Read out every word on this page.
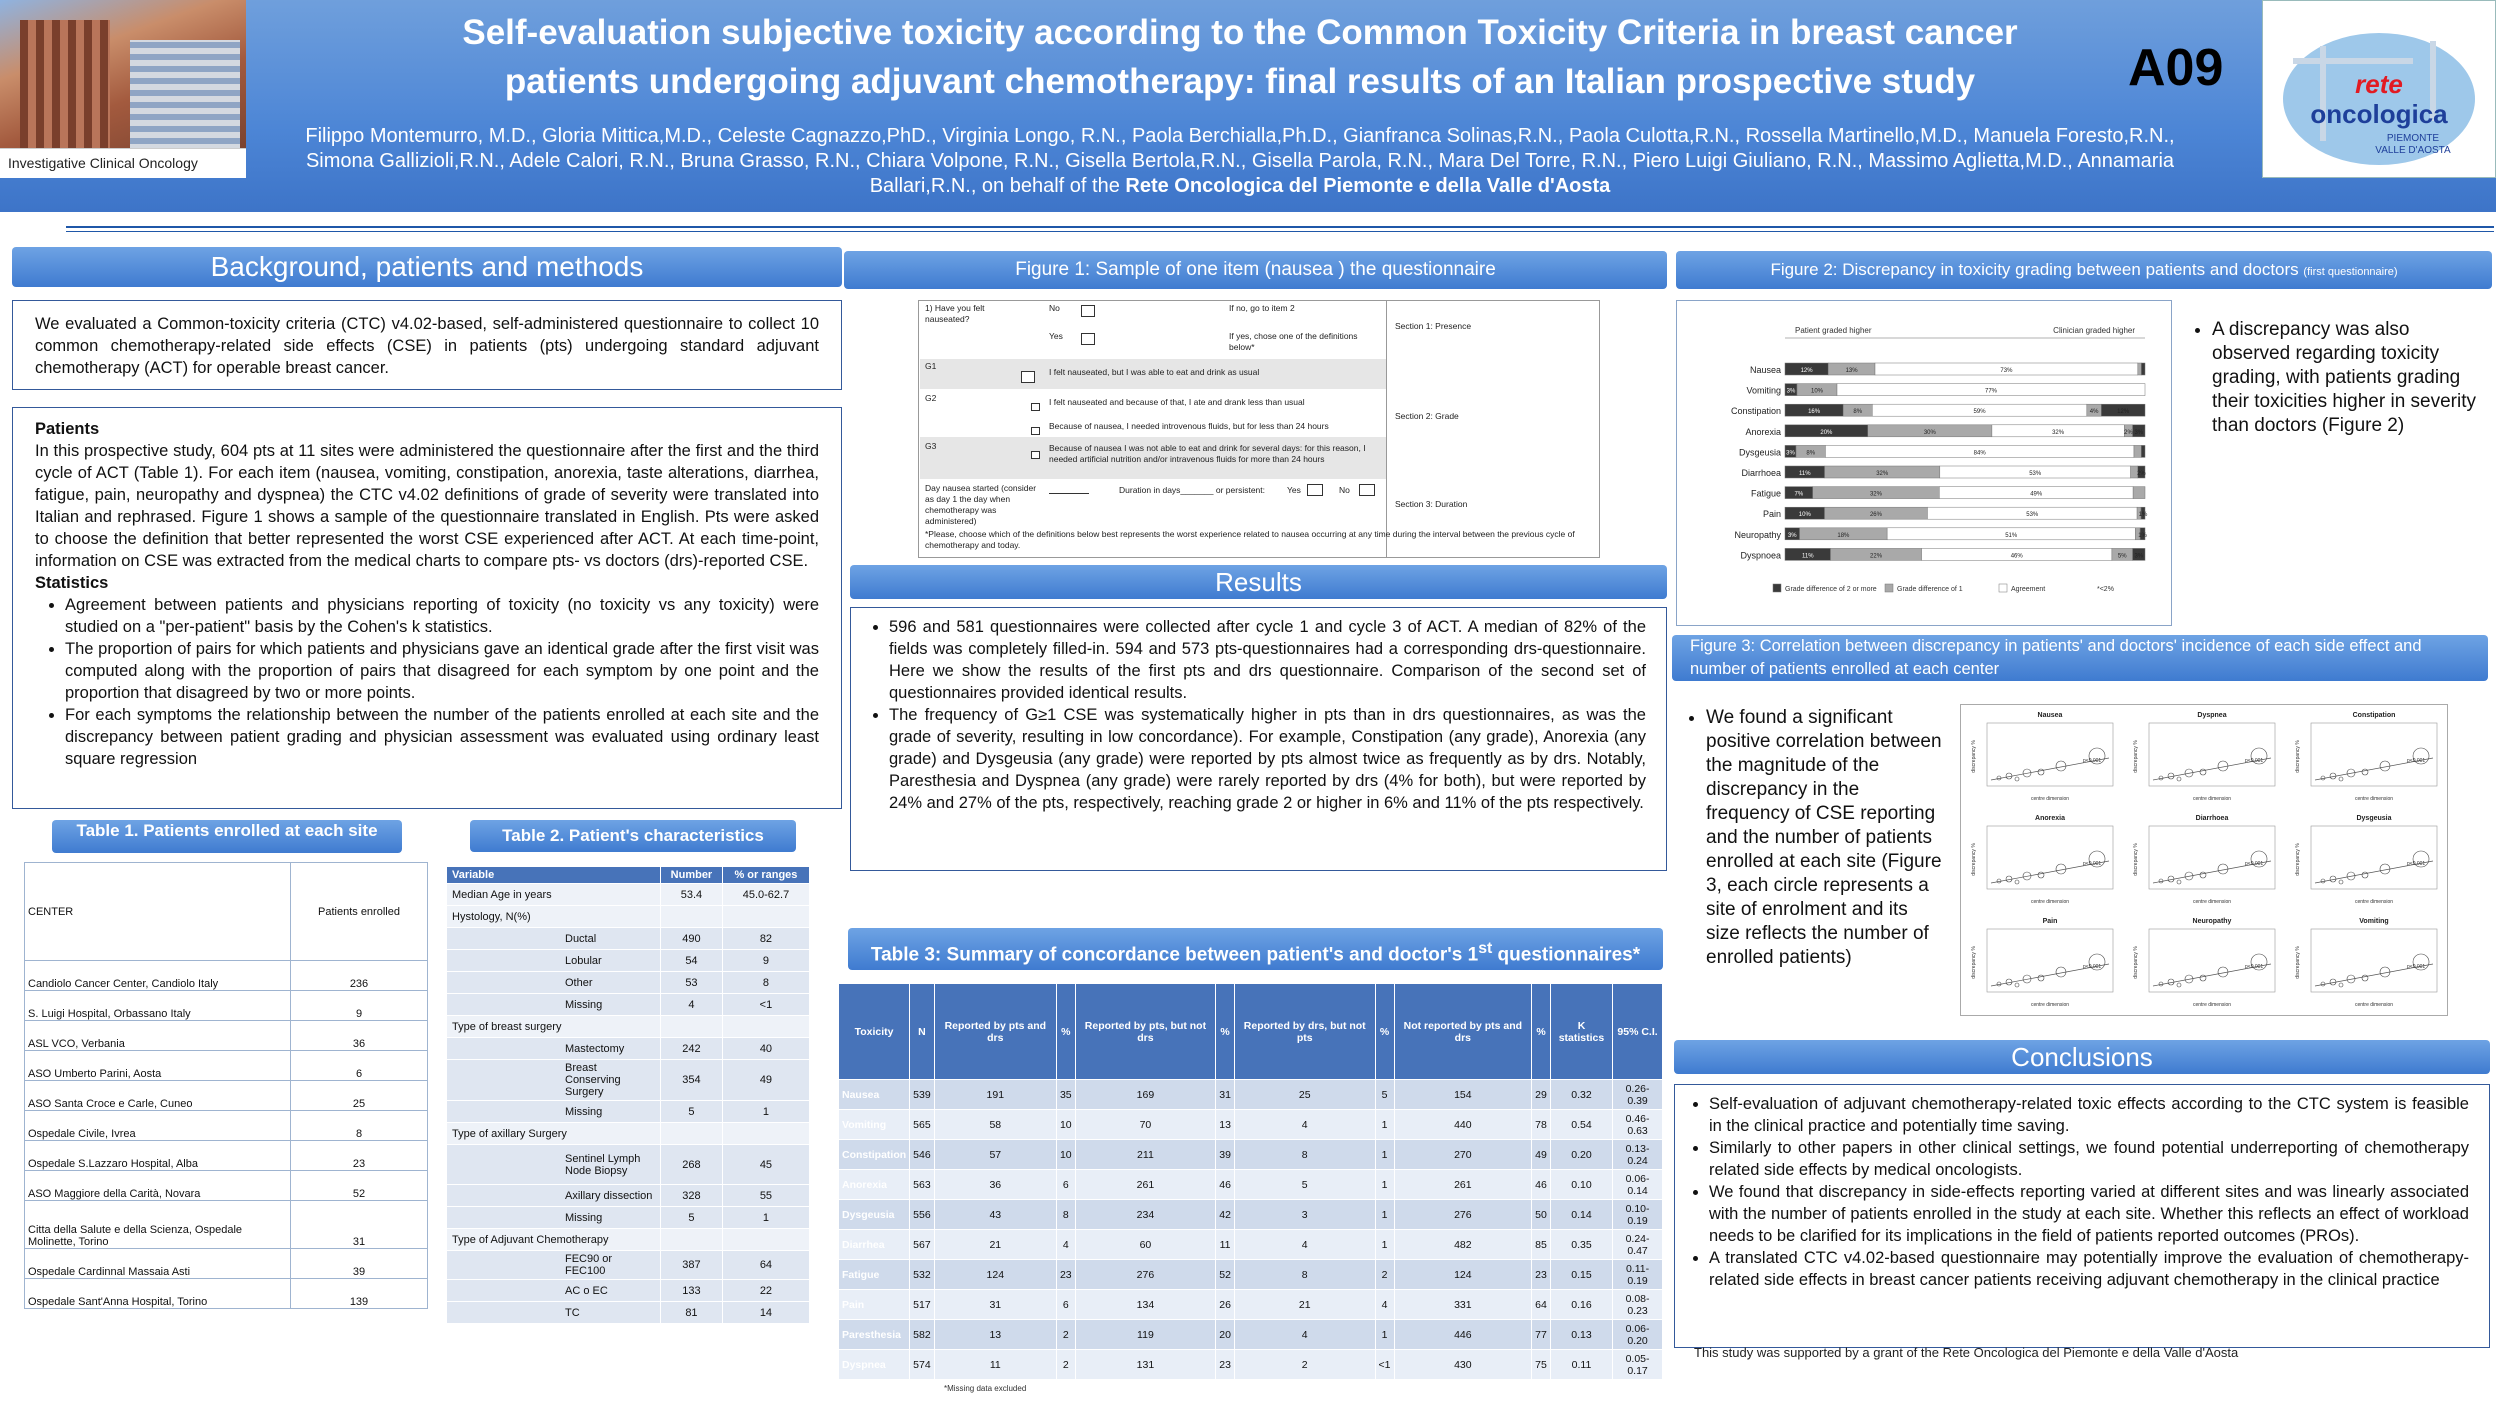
Investigative Clinical Oncology
Self-evaluation subjective toxicity according to the Common Toxicity Criteria in breast cancer
patients undergoing adjuvant chemotherapy: final results of an Italian prospective study
Filippo Montemurro, M.D., Gloria Mittica,M.D., Celeste Cagnazzo,PhD., Virginia Longo, R.N., Paola Berchialla,Ph.D., Gianfranca Solinas,R.N., Paola Culotta,R.N., Rossella Martinello,M.D., Manuela Foresto,R.N., Simona Gallizioli,R.N., Adele Calori, R.N., Bruna Grasso, R.N., Chiara Volpone, R.N., Gisella Bertola,R.N., Gisella Parola, R.N., Mara Del Torre, R.N., Piero Luigi Giuliano, R.N., Massimo Aglietta,M.D., Annamaria Ballari,R.N., on behalf of the Rete Oncologica del Piemonte e della Valle d'Aosta
A09	rete
oncologica
PIEMONTE
VALLE D'AOSTA
Background, patients and methods
We evaluated a Common-toxicity criteria (CTC) v4.02-based, self-administered questionnaire to collect 10 common chemotherapy-related side effects (CSE) in patients (pts) undergoing standard adjuvant chemotherapy (ACT) for operable breast cancer.
Patients
In this prospective study, 604 pts at 11 sites were administered the questionnaire after the first and the third cycle of ACT (Table 1). For each item (nausea, vomiting, constipation, anorexia, taste alterations, diarrhea, fatigue, pain, neuropathy and dyspnea) the CTC v4.02 definitions of grade of severity were translated into Italian and rephrased. Figure 1 shows a sample of the questionnaire translated in English. Pts were asked to choose the definition that better represented the worst CSE experienced after ACT. At each time-point, information on CSE was extracted from the medical charts to compare pts- vs doctors (drs)-reported CSE.
Statistics
• Agreement between patients and physicians reporting of toxicity (no toxicity vs any toxicity) were studied on a "per-patient" basis by the Cohen's k statistics.
• The proportion of pairs for which patients and physicians gave an identical grade after the first visit was computed along with the proportion of pairs that disagreed for each symptom by one point and the proportion that disagreed by two or more points.
• For each symptoms the relationship between the number of the patients enrolled at each site and the discrepancy between patient grading and physician assessment was evaluated using ordinary least square regression
Table 1. Patients enrolled at each site
CENTER	Patients enrolled
Candiolo Cancer Center, Candiolo Italy	236
S. Luigi Hospital, Orbassano Italy	9
ASL VCO, Verbania	36
ASO Umberto Parini, Aosta	6
ASO Santa Croce e Carle, Cuneo	25
Ospedale Civile, Ivrea	8
Ospedale S.Lazzaro Hospital, Alba	23
ASO Maggiore della Carità, Novara	52
Citta della Salute e della Scienza, Ospedale Molinette, Torino	31
Ospedale Cardinnal Massaia Asti	39
Ospedale Sant'Anna Hospital, Torino	139
Table 2. Patient's characteristics
Variable	Number	% or ranges
Median Age in years	53.4	45.0-62.7
Hystology, N(%)		
Ductal	490	82
Lobular	54	9
Other	53	8
Missing	4	<1
Type of breast surgery		
Mastectomy	242	40
Breast Conserving Surgery	354	49
Missing	5	1
Type of axillary Surgery		
Sentinel Lymph Node Biopsy	268	45
Axillary dissection	328	55
Missing	5	1
Type of Adjuvant Chemotherapy		
FEC90 or FEC100	387	64
AC o EC	133	22
TC	81	14
Figure 1: Sample of one item (nausea ) the questionnaire
1) Have you felt nauseated?
No	If no, go to item 2
Yes	If yes, chose one of the definitions below*
Section 1: Presence
G1
I felt nauseated, but I was able to eat and drink as usual
G2	I felt nauseated and because of that, I ate and drank less than usual
Because of nausea, I needed introvenous fluids, but for less than 24 hours
Section 2: Grade
G3	Because of nausea I was not able to eat and drink for several days: for this reason, I needed artificial nutrition and/or intravenous fluids for more than 24 hours
Day nausea started (consider as day 1 the day when chemotherapy was administered)
Duration in days_______ or persistent:	Yes	No
Section 3: Duration
*Please, choose which of the definitions below best represents the worst experience related to nausea occurring at any time during the interval between the previous cycle of chemotherapy and today.
Results
• 596 and 581 questionnaires were collected after cycle 1 and cycle 3 of ACT. A median of 82% of the fields was completely filled-in. 594 and 573 pts-questionnaires had a corresponding drs-questionnaire. Here we show the results of the first pts and drs questionnaire. Comparison of the second set of questionnaires provided identical results.
• The frequency of G≥1 CSE was systematically higher in pts than in drs questionnaires, as was the grade of severity, resulting in low concordance). For example, Constipation (any grade), Anorexia (any grade) and Dysgeusia (any grade) were reported by pts almost twice as frequently as by drs. Notably, Paresthesia and Dyspnea (any grade) were rarely reported by drs (4% for both), but were reported by 24% and 27% of the pts, respectively, reaching grade 2 or higher in 6% and 11% of the pts respectively.
Table 3: Summary of concordance between patient's and doctor's 1st questionnaires*
Toxicity	N	Reported by pts and drs	%	Reported by pts, but not drs	%	Reported by drs, but not pts	%	Not reported by pts and drs	%	K statistics	95% C.I.
Nausea	539	191	35	169	31	25	5	154	29	0.32	0.26-0.39
Vomiting	565	58	10	70	13	4	1	440	78	0.54	0.46-0.63
Constipation	546	57	10	211	39	8	1	270	49	0.20	0.13-0.24
Anorexia	563	36	6	261	46	5	1	261	46	0.10	0.06-0.14
Dysgeusia	556	43	8	234	42	3	1	276	50	0.14	0.10-0.19
Diarrhea	567	21	4	60	11	4	1	482	85	0.35	0.24-0.47
Fatigue	532	124	23	276	52	8	2	124	23	0.15	0.11-0.19
Pain	517	31	6	134	26	21	4	331	64	0.16	0.08-0.23
Paresthesia	582	13	2	119	20	4	1	446	77	0.13	0.06-0.20
Dyspnea	574	11	2	131	23	2	<1	430	75	0.11	0.05-0.17
*Missing data excluded
Figure 2: Discrepancy in toxicity grading between patients and doctors (first questionnaire)
Patient graded higher	Clinician graded higher
Nausea	12%	13%	73%
Vomiting 3%	10%	77%
Constipation	16%	8%	59%	4%	12%
Anorexia	20%	30%	32%	2% 3%
Dysgeusia 3% 8%	84%
Diarrhoea	11%	32%	53%	2%
Fatigue 7%	32%	49%
Pain	10%	26%	53%	1%
Neuropathy 3%	18%	51%	1%
Dyspnoea	11%	22%	46%	5% 3%
Grade difference of 2 or more	Grade difference of 1	Agreement	*<2%
• A discrepancy was also observed regarding toxicity grading, with patients grading their toxicities higher in severity than doctors (Figure 2)
Figure 3: Correlation between discrepancy in patients' and doctors' incidence of each side effect and number of patients enrolled at each center
• We found a significant positive correlation between the magnitude of the discrepancy in the frequency of CSE reporting and the number of patients enrolled at each site (Figure 3, each circle represents a site of enrolment and its size reflects the number of enrolled patients)
Nausea
p<0.001
discrepancy %
centre dimension
Dyspnea
p<0.001
discrepancy %
centre dimension
Constipation
p<0.001
discrepancy %
centre dimension
Anorexia
p<0.001
discrepancy %
centre dimension
Diarrhoea
p<0.001
discrepancy %
centre dimension
Dysgeusia
p<0.001
discrepancy %
centre dimension
Pain
p<0.001
discrepancy %
centre dimension
Neuropathy
p<0.001
discrepancy %
centre dimension
Vomiting
p<0.001
discrepancy %
centre dimension
Conclusions
• Self-evaluation of adjuvant chemotherapy-related toxic effects according to the CTC system is feasible in the clinical practice and potentially time saving.
• Similarly to other papers in other clinical settings, we found potential underreporting of chemotherapy related side effects by medical oncologists.
• We found that discrepancy in side-effects reporting varied at different sites and was linearly associated with the number of patients enrolled in the study at each site. Whether this reflects an effect of workload needs to be clarified for its implications in the field of patients reported outcomes (PROs).
• A translated CTC v4.02-based questionnaire may potentially improve the evaluation of chemotherapy-related side effects in breast cancer patients receiving adjuvant chemotherapy in the clinical practice
This study was supported by a grant of the Rete Oncologica del Piemonte e della Valle d'Aosta
